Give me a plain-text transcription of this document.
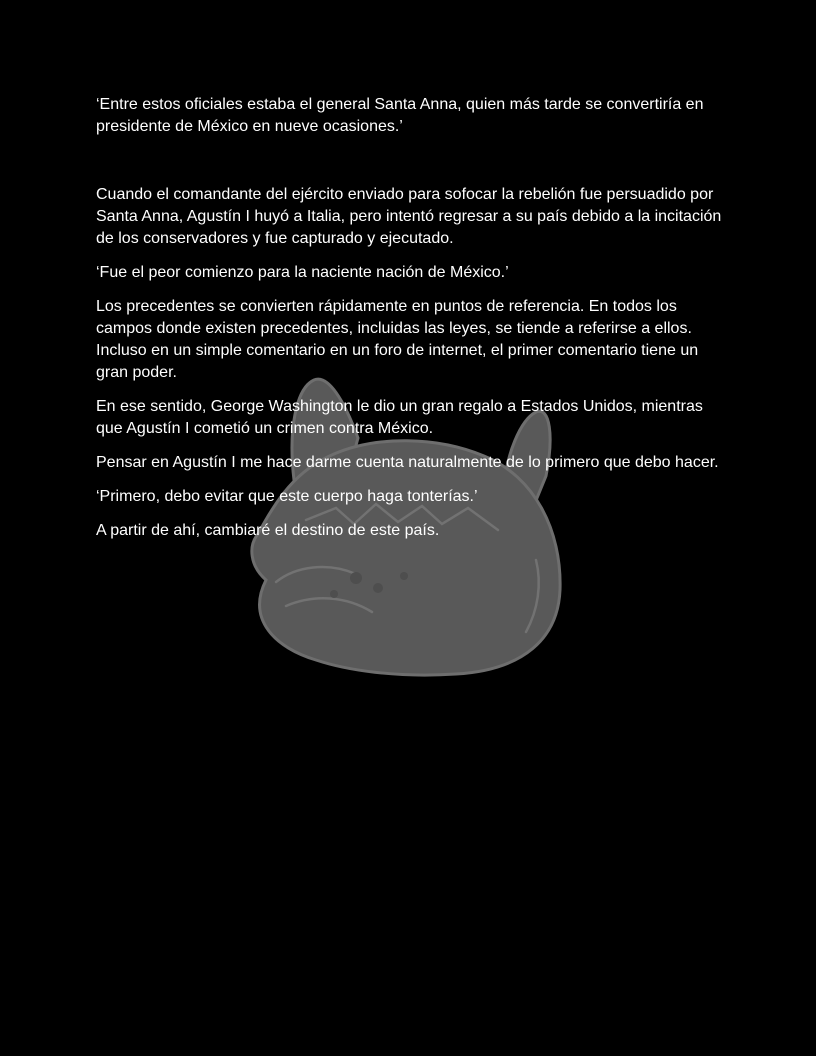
‘Entre estos oficiales estaba el general Santa Anna, quien más tarde se convertiría en presidente de México en nueve ocasiones.’

Cuando el comandante del ejército enviado para sofocar la rebelión fue persuadido por Santa Anna, Agustín I huyó a Italia, pero intentó regresar a su país debido a la incitación de los conservadores y fue capturado y ejecutado.

‘Fue el peor comienzo para la naciente nación de México.’

Los precedentes se convierten rápidamente en puntos de referencia. En todos los campos donde existen precedentes, incluidas las leyes, se tiende a referirse a ellos. Incluso en un simple comentario en un foro de internet, el primer comentario tiene un gran poder.

En ese sentido, George Washington le dio un gran regalo a Estados Unidos, mientras que Agustín I cometió un crimen contra México.

Pensar en Agustín I me hace darme cuenta naturalmente de lo primero que debo hacer.

‘Primero, debo evitar que este cuerpo haga tonterías.’

A partir de ahí, cambiaré el destino de este país.
